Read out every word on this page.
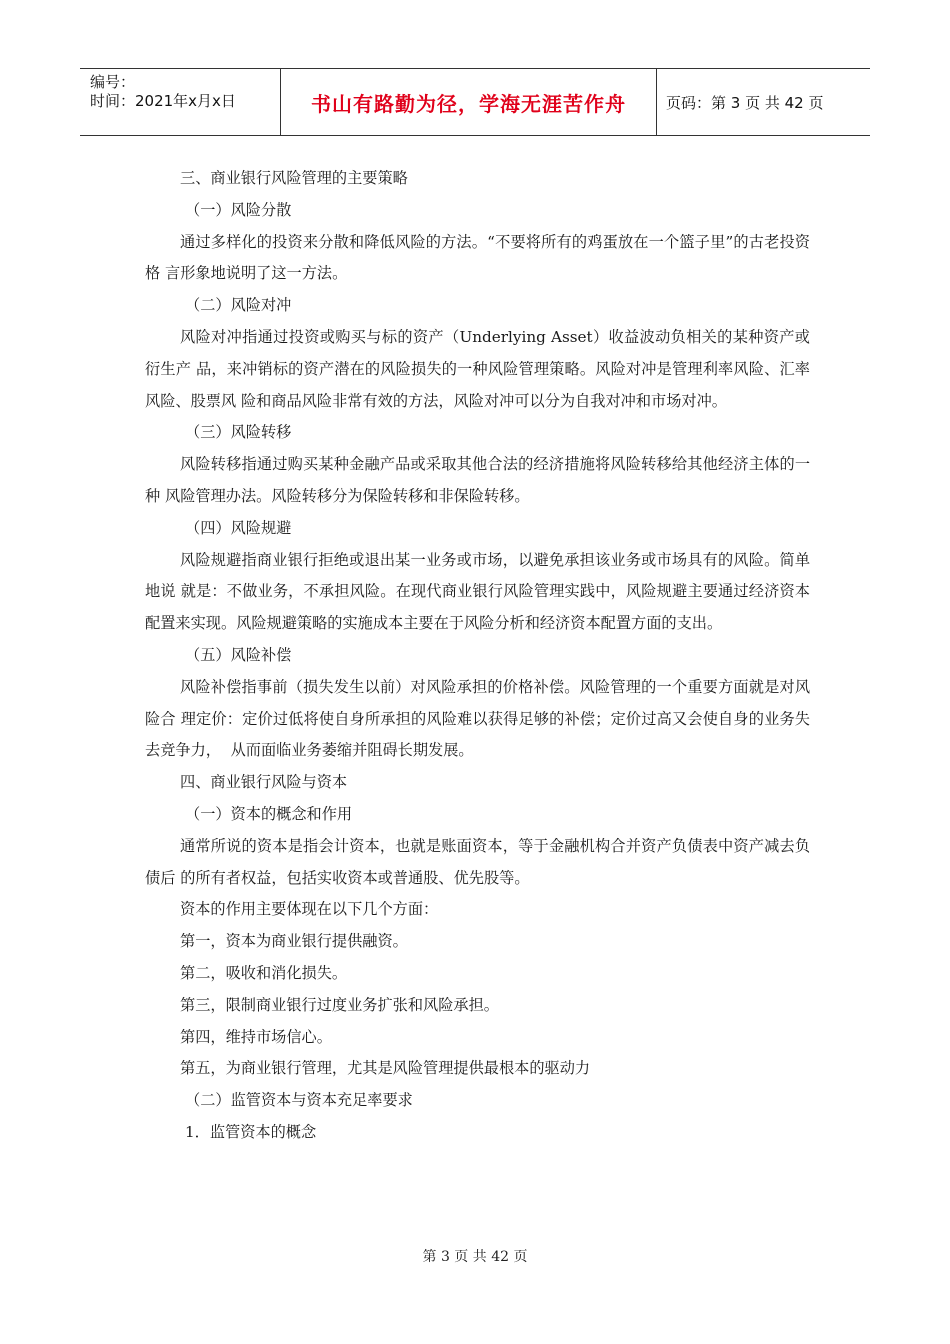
编号：
时间：2021年x月x日	书山有路勤为径，学海无涯苦作舟	页码：第 3 页 共 42 页

三、商业银行风险管理的主要策略

（一）风险分散

通过多样化的投资来分散和降低风险的方法。“不要将所有的鸡蛋放在一个篮子里”的古老投资格 言形象地说明了这一方法。

（二）风险对冲

风险对冲指通过投资或购买与标的资产（Underlying Asset）收益波动负相关的某种资产或衍生产 品，来冲销标的资产潜在的风险损失的一种风险管理策略。风险对冲是管理利率风险、汇率风险、股票风 险和商品风险非常有效的方法，风险对冲可以分为自我对冲和市场对冲。

（三）风险转移

风险转移指通过购买某种金融产品或采取其他合法的经济措施将风险转移给其他经济主体的一种 风险管理办法。风险转移分为保险转移和非保险转移。

（四）风险规避

风险规避指商业银行拒绝或退出某一业务或市场，以避免承担该业务或市场具有的风险。简单地说 就是：不做业务，不承担风险。在现代商业银行风险管理实践中，风险规避主要通过经济资本配置来实现。风险规避策略的实施成本主要在于风险分析和经济资本配置方面的支出。

（五）风险补偿

风险补偿指事前（损失发生以前）对风险承担的价格补偿。风险管理的一个重要方面就是对风险合 理定价：定价过低将使自身所承担的风险难以获得足够的补偿；定价过高又会使自身的业务失去竞争力，  从而面临业务萎缩并阻碍长期发展。

四、商业银行风险与资本

（一）资本的概念和作用

通常所说的资本是指会计资本，也就是账面资本，等于金融机构合并资产负债表中资产减去负债后 的所有者权益，包括实收资本或普通股、优先股等。

资本的作用主要体现在以下几个方面：

第一，资本为商业银行提供融资。

第二，吸收和消化损失。

第三，限制商业银行过度业务扩张和风险承担。

第四，维持市场信心。

第五，为商业银行管理，尤其是风险管理提供最根本的驱动力

（二）监管资本与资本充足率要求

1．监管资本的概念

第 3 页 共 42 页
